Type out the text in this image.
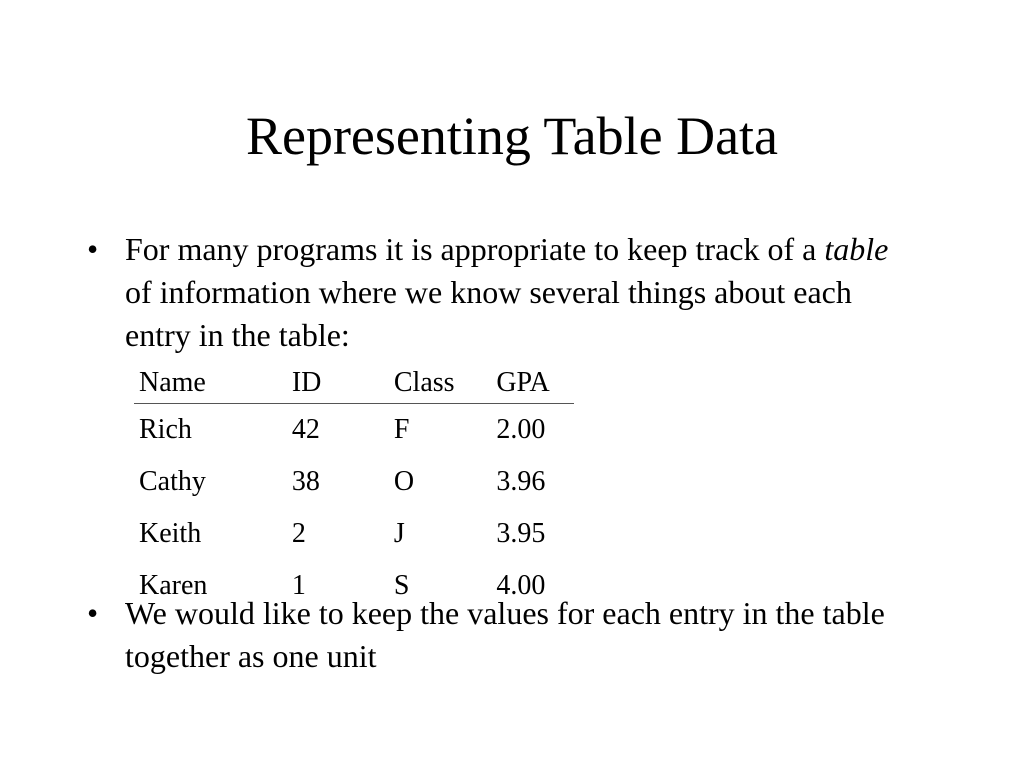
Representing Table Data
• For many programs it is appropriate to keep track of a table of information where we know several things about each entry in the table:
Name	ID	Class	GPA
Rich	42	F	2.00
Cathy	38	O	3.96
Keith	2	J	3.95
Karen	1	S	4.00
• We would like to keep the values for each entry in the table together as one unit
